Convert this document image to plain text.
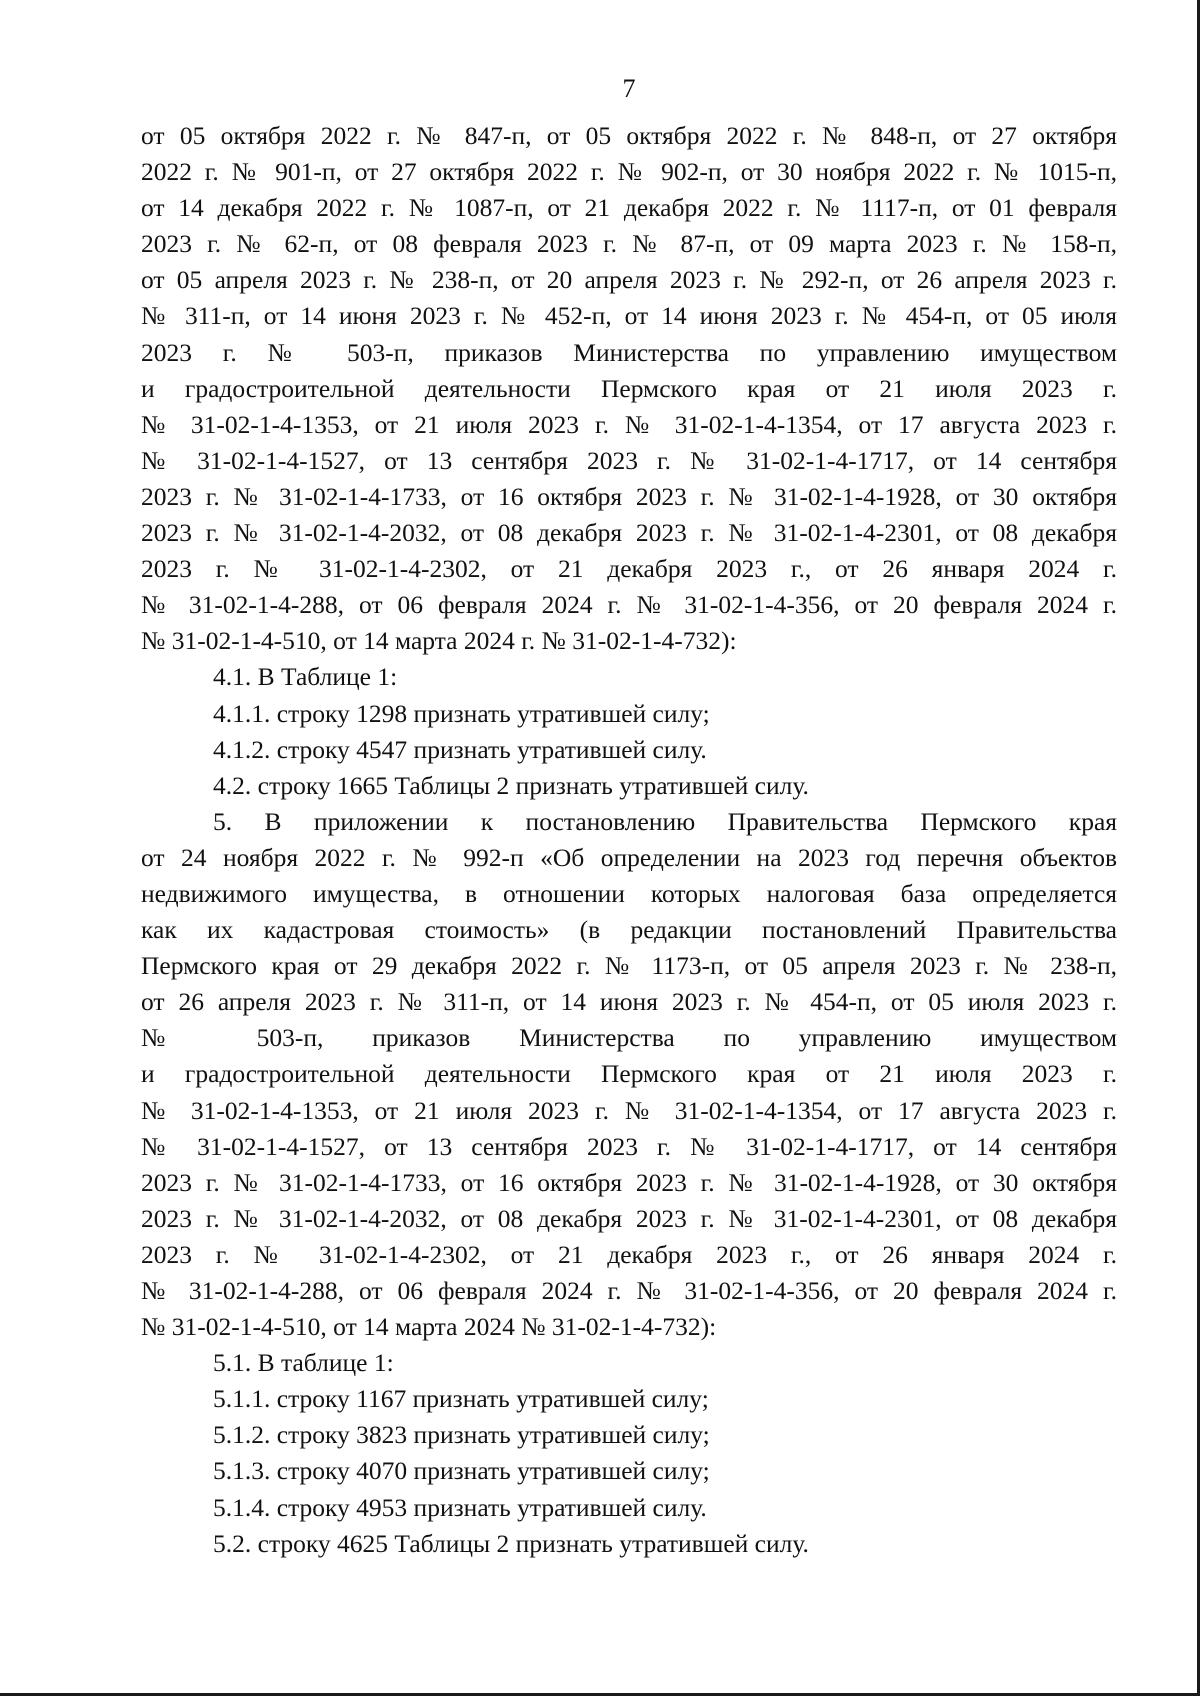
7
от 05 октября 2022 г. № 847-п, от 05 октября 2022 г. № 848-п, от 27 октября
2022 г. № 901-п, от 27 октября 2022 г. № 902-п, от 30 ноября 2022 г. № 1015-п,
от 14 декабря 2022 г. № 1087-п, от 21 декабря 2022 г. № 1117-п, от 01 февраля
2023 г. № 62-п, от 08 февраля 2023 г. № 87-п, от 09 марта 2023 г. № 158-п,
от 05 апреля 2023 г. № 238-п, от 20 апреля 2023 г. № 292-п, от 26 апреля 2023 г.
№ 311-п, от 14 июня 2023 г. № 452-п, от 14 июня 2023 г. № 454-п, от 05 июля
2023 г. № 503-п, приказов Министерства по управлению имуществом
и градостроительной деятельности Пермского края от 21 июля 2023 г.
№ 31-02-1-4-1353, от 21 июля 2023 г. № 31-02-1-4-1354, от 17 августа 2023 г.
№ 31-02-1-4-1527, от 13 сентября 2023 г. № 31-02-1-4-1717, от 14 сентября
2023 г. № 31-02-1-4-1733, от 16 октября 2023 г. № 31-02-1-4-1928, от 30 октября
2023 г. № 31-02-1-4-2032, от 08 декабря 2023 г. № 31-02-1-4-2301, от 08 декабря
2023 г. № 31-02-1-4-2302, от 21 декабря 2023 г., от 26 января 2024 г.
№ 31-02-1-4-288, от 06 февраля 2024 г. № 31-02-1-4-356, от 20 февраля 2024 г.
№ 31-02-1-4-510, от 14 марта 2024 г. № 31-02-1-4-732):
4.1. В Таблице 1:
4.1.1. строку 1298 признать утратившей силу;
4.1.2. строку 4547 признать утратившей силу.
4.2. строку 1665 Таблицы 2 признать утратившей силу.
5. В приложении к постановлению Правительства Пермского края
от 24 ноября 2022 г. № 992-п «Об определении на 2023 год перечня объектов
недвижимого имущества, в отношении которых налоговая база определяется
как их кадастровая стоимость» (в редакции постановлений Правительства
Пермского края от 29 декабря 2022 г. № 1173-п, от 05 апреля 2023 г. № 238-п,
от 26 апреля 2023 г. № 311-п, от 14 июня 2023 г. № 454-п, от 05 июля 2023 г.
№ 503-п, приказов Министерства по управлению имуществом
и градостроительной деятельности Пермского края от 21 июля 2023 г.
№ 31-02-1-4-1353, от 21 июля 2023 г. № 31-02-1-4-1354, от 17 августа 2023 г.
№ 31-02-1-4-1527, от 13 сентября 2023 г. № 31-02-1-4-1717, от 14 сентября
2023 г. № 31-02-1-4-1733, от 16 октября 2023 г. № 31-02-1-4-1928, от 30 октября
2023 г. № 31-02-1-4-2032, от 08 декабря 2023 г. № 31-02-1-4-2301, от 08 декабря
2023 г. № 31-02-1-4-2302, от 21 декабря 2023 г., от 26 января 2024 г.
№ 31-02-1-4-288, от 06 февраля 2024 г. № 31-02-1-4-356, от 20 февраля 2024 г.
№ 31-02-1-4-510, от 14 марта 2024 № 31-02-1-4-732):
5.1. В таблице 1:
5.1.1. строку 1167 признать утратившей силу;
5.1.2. строку 3823 признать утратившей силу;
5.1.3. строку 4070 признать утратившей силу;
5.1.4. строку 4953 признать утратившей силу.
5.2. строку 4625 Таблицы 2 признать утратившей силу.
